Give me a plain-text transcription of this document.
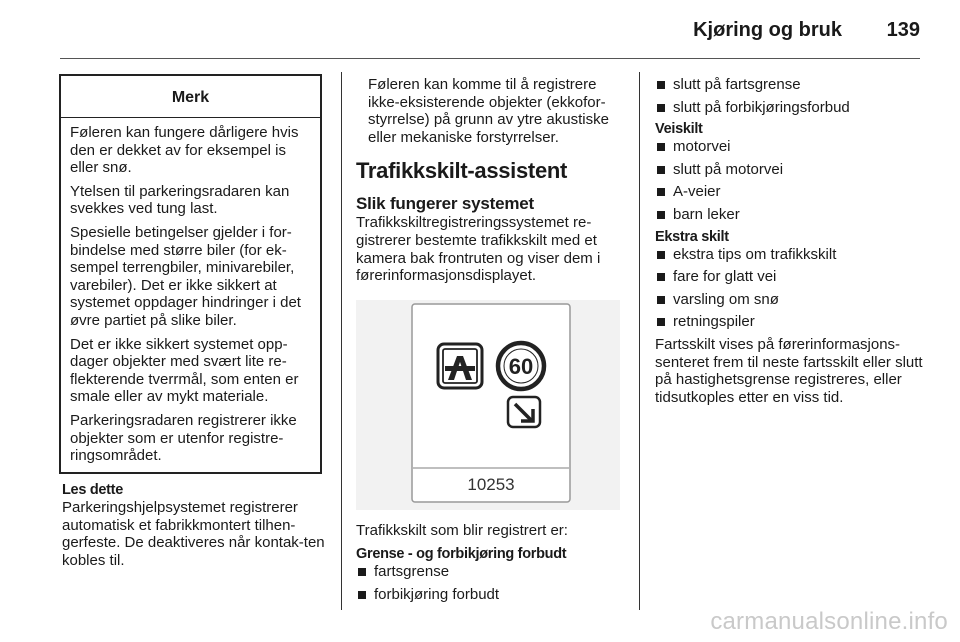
Kjøring og bruk 139
Merk

Føleren kan fungere dårligere hvis den er dekket av for eksempel is eller snø.

Ytelsen til parkeringsradaren kan svekkes ved tung last.

Spesielle betingelser gjelder i for-bindelse med større biler (for ek-sempel terrengbiler, minivarebiler, varebiler). Det er ikke sikkert at systemet oppdager hindringer i det øvre partiet på slike biler.

Det er ikke sikkert systemet opp-dager objekter med svært lite re-flekterende tverrmål, som enten er smale eller av mykt materiale.

Parkeringsradaren registrerer ikke objekter som er utenfor registre-ringsområdet.

Les dette

Parkeringshjelpsystemet registrerer automatisk et fabrikkmontert tilhen-gerfeste. De deaktiveres når kontak-ten kobles til.

Føleren kan komme til å registrere ikke-eksisterende objekter (ekkofor-styrrelse) på grunn av ytre akustiske eller mekaniske forstyrrelser.

Trafikkskilt-assistent
Slik fungerer systemet

Trafikkskiltregistreringssystemet re-gistrerer bestemte trafikkskilt med et kamera bak frontruten og viser dem i førerinformasjonsdisplayet.

60
10253
Trafikkskilt som blir registrert er:
Grense - og forbikjøring forbudt
fartsgrense
forbikjøring forbudt
slutt på fartsgrense
slutt på forbikjøringsforbud
Veiskilt
motorvei
slutt på motorvei
A-veier
barn leker
Ekstra skilt
ekstra tips om trafikkskilt
fare for glatt vei
varsling om snø
retningspiler

Fartsskilt vises på førerinformasjons-senteret frem til neste fartsskilt eller slutt på hastighetsgrense registreres, eller tidsutkoples etter en viss tid.

carmanualsonline.info
